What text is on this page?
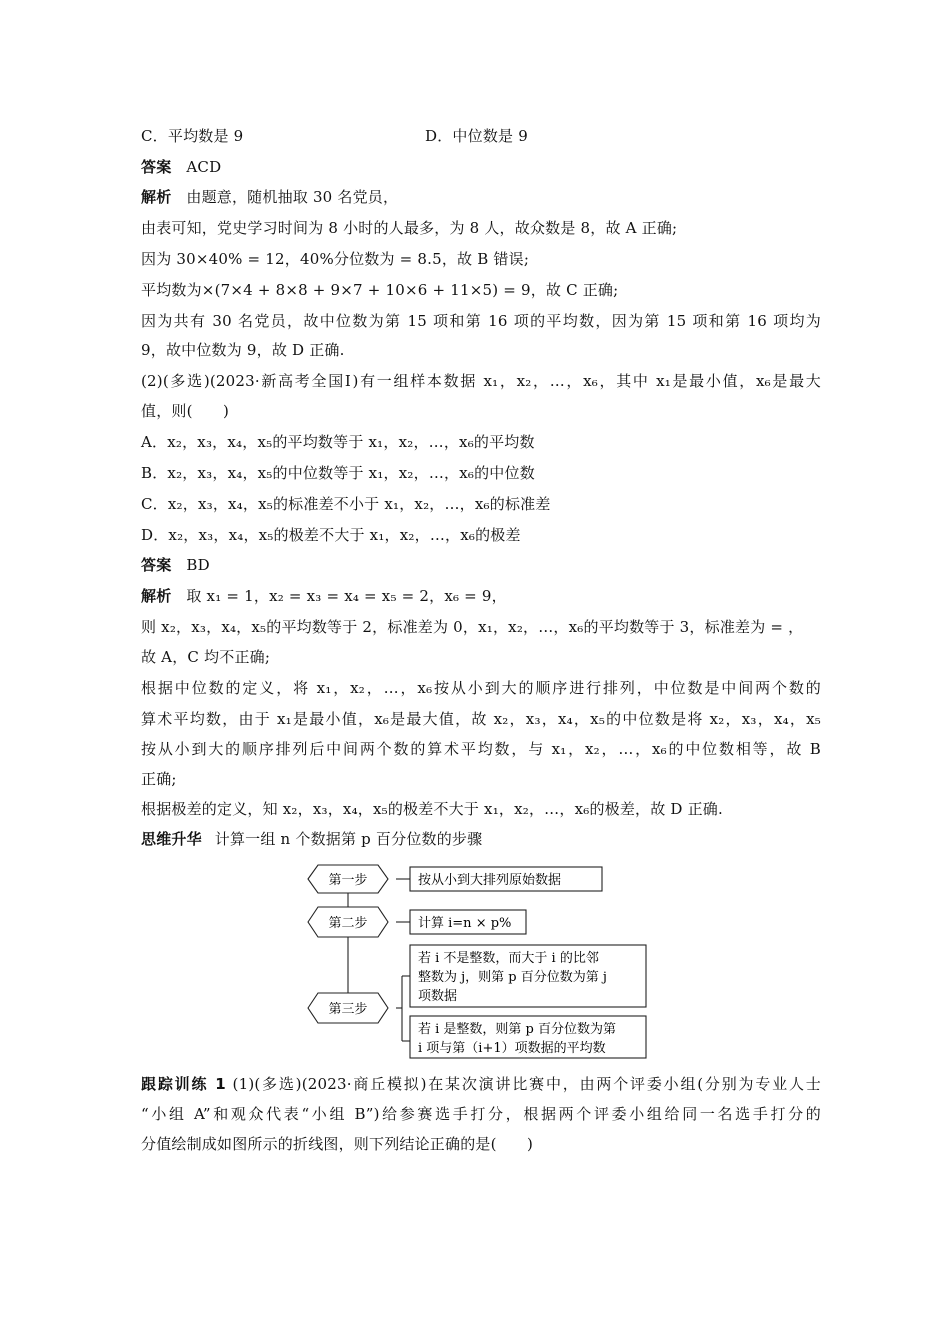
C．平均数是 9	D．中位数是 9
答案 ACD
解析 由题意，随机抽取 30 名党员，
由表可知，党史学习时间为 8 小时的人最多，为 8 人，故众数是 8，故 A 正确;
因为 30×40% = 12，40%分位数为 = 8.5，故 B 错误;
平均数为×(7×4 + 8×8 + 9×7 + 10×6 + 11×5) = 9，故 C 正确;
因为共有 30 名党员，故中位数为第 15 项和第 16 项的平均数，因为第 15 项和第 16 项均为
9，故中位数为 9，故 D 正确.
(2)(多选)(2023·新高考全国Ⅰ)有一组样本数据 x₁，x₂，…，x₆，其中 x₁是最小值，x₆是最大
值，则(　　)
A．x₂，x₃，x₄，x₅的平均数等于 x₁，x₂，…，x₆的平均数
B．x₂，x₃，x₄，x₅的中位数等于 x₁，x₂，…，x₆的中位数
C．x₂，x₃，x₄，x₅的标准差不小于 x₁，x₂，…，x₆的标准差
D．x₂，x₃，x₄，x₅的极差不大于 x₁，x₂，…，x₆的极差
答案 BD
解析 取 x₁ = 1，x₂ = x₃ = x₄ = x₅ = 2，x₆ = 9，
则 x₂，x₃，x₄，x₅的平均数等于 2，标准差为 0，x₁，x₂，…，x₆的平均数等于 3，标准差为 = ，
故 A，C 均不正确;
根据中位数的定义，将 x₁，x₂，…，x₆按从小到大的顺序进行排列，中位数是中间两个数的
算术平均数，由于 x₁是最小值，x₆是最大值，故 x₂，x₃，x₄，x₅的中位数是将 x₂，x₃，x₄，x₅
按从小到大的顺序排列后中间两个数的算术平均数，与 x₁，x₂，…，x₆的中位数相等，故 B
正确;
根据极差的定义，知 x₂，x₃，x₄，x₅的极差不大于 x₁，x₂，…，x₆的极差，故 D 正确.
思维升华 计算一组 n 个数据第 p 百分位数的步骤
第一步
第二步
第三步
按从小到大排列原始数据
计算 i=n × p%
若 i 不是整数，而大于 i 的比邻
整数为 j，则第 p 百分位数为第 j
项数据
若 i 是整数，则第 p 百分位数为第
i 项与第（i+1）项数据的平均数
跟踪训练 1 (1)(多选)(2023·商丘模拟)在某次演讲比赛中，由两个评委小组(分别为专业人士
“小组 A”和观众代表“小组 B”)给参赛选手打分，根据两个评委小组给同一名选手打分的
分值绘制成如图所示的折线图，则下列结论正确的是(　　)
